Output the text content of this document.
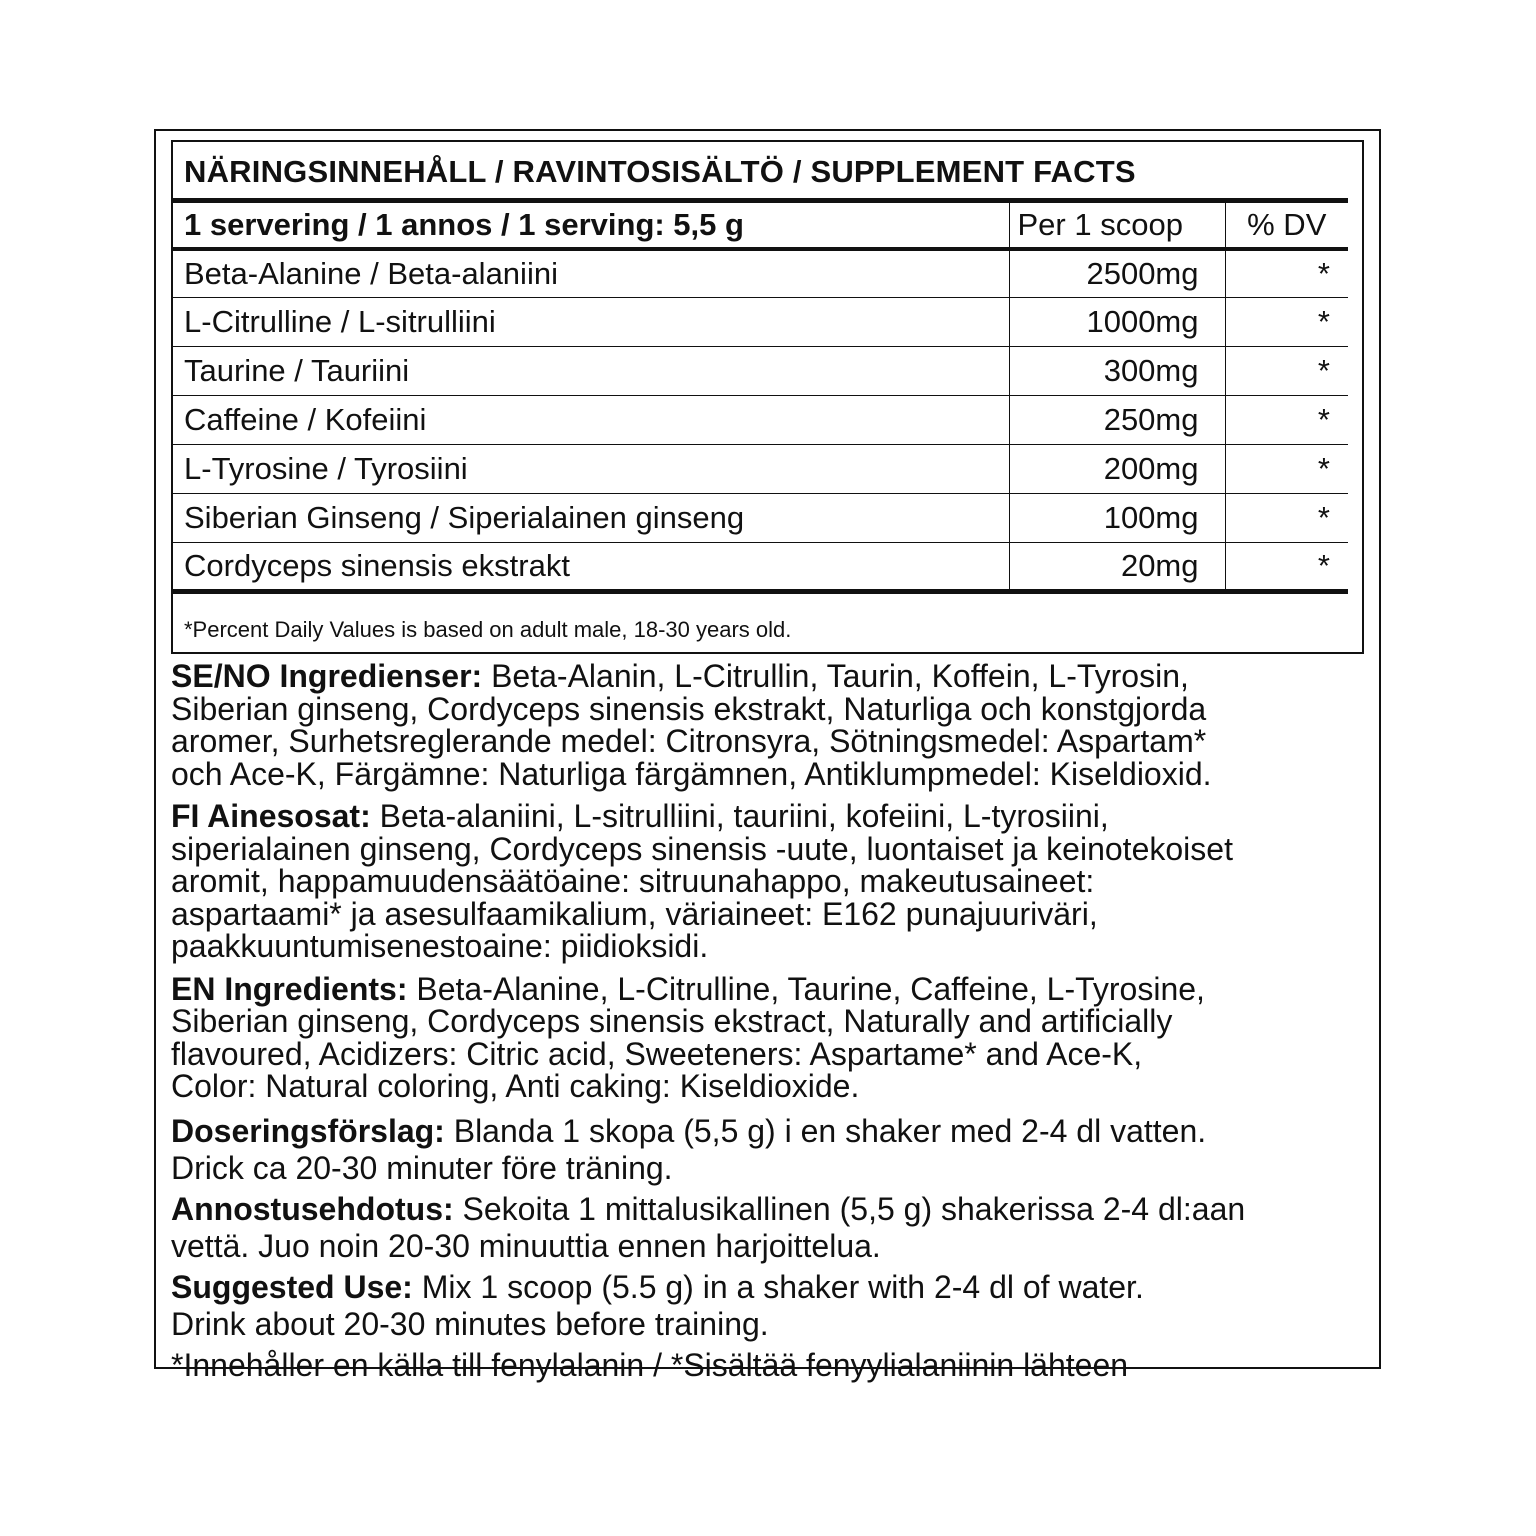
NÄRINGSINNEHÅLL / RAVINTOSISÄLTÖ / SUPPLEMENT FACTS
1 servering / 1 annos / 1 serving: 5,5 g	Per 1 scoop	% DV
Beta-Alanine / Beta-alaniini	2500mg	*
L-Citrulline / L-sitrulliini	1000mg	*
Taurine / Tauriini	300mg	*
Caffeine / Kofeiini	250mg	*
L-Tyrosine / Tyrosiini	200mg	*
Siberian Ginseng / Siperialainen ginseng	100mg	*
Cordyceps sinensis ekstrakt	20mg	*
*Percent Daily Values is based on adult male, 18-30 years old.
SE/NO Ingredienser: Beta-Alanin, L-Citrullin, Taurin, Koffein, L-Tyrosin,
Siberian ginseng, Cordyceps sinensis ekstrakt, Naturliga och konstgjorda
aromer, Surhetsreglerande medel: Citronsyra, Sötningsmedel: Aspartam*
och Ace-K, Färgämne: Naturliga färgämnen, Antiklumpmedel: Kiseldioxid.
FI Ainesosat: Beta-alaniini, L-sitrulliini, tauriini, kofeiini, L-tyrosiini,
siperialainen ginseng, Cordyceps sinensis -uute, luontaiset ja keinotekoiset
aromit, happamuudensäätöaine: sitruunahappo, makeutusaineet:
aspartaami* ja asesulfaamikalium, väriaineet: E162 punajuuriväri,
paakkuuntumisenestoaine: piidioksidi.
EN Ingredients: Beta-Alanine, L-Citrulline, Taurine, Caffeine, L-Tyrosine,
Siberian ginseng, Cordyceps sinensis ekstract, Naturally and artificially
flavoured, Acidizers: Citric acid, Sweeteners: Aspartame* and Ace-K,
Color: Natural coloring, Anti caking: Kiseldioxide.
Doseringsförslag: Blanda 1 skopa (5,5 g) i en shaker med 2-4 dl vatten.
Drick ca 20-30 minuter före träning.
Annostusehdotus: Sekoita 1 mittalusikallinen (5,5 g) shakerissa 2-4 dl:aan
vettä. Juo noin 20-30 minuuttia ennen harjoittelua.
Suggested Use: Mix 1 scoop (5.5 g) in a shaker with 2-4 dl of water.
Drink about 20-30 minutes before training.
*Innehåller en källa till fenylalanin / *Sisältää fenyylialaniinin lähteen
